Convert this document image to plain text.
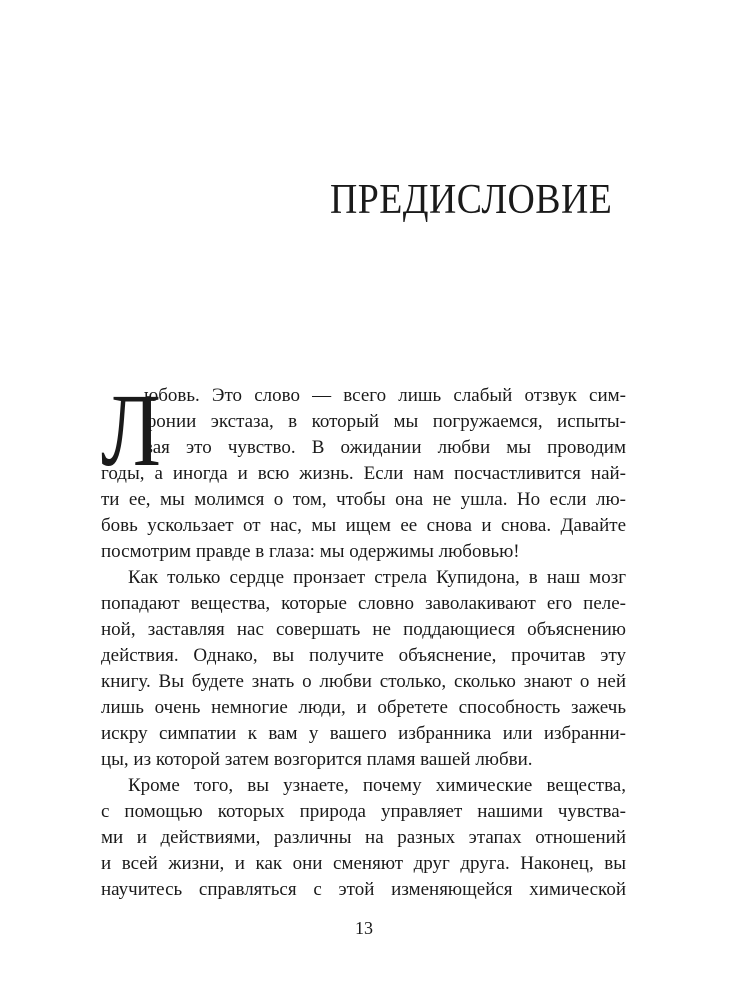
ПРЕДИСЛОВИЕ
Л
юбовь. Это слово — всего лишь слабый отзвук сим-
фонии экстаза, в который мы погружаемся, испыты-
вая это чувство. В ожидании любви мы проводим
годы, а иногда и всю жизнь. Если нам посчастливится най-
ти ее, мы молимся о том, чтобы она не ушла. Но если лю-
бовь ускользает от нас, мы ищем ее снова и снова. Давайте
посмотрим правде в глаза: мы одержимы любовью!
Как только сердце пронзает стрела Купидона, в наш мозг
попадают вещества, которые словно заволакивают его пеле-
ной, заставляя нас совершать не поддающиеся объяснению
действия. Однако, вы получите объяснение, прочитав эту
книгу. Вы будете знать о любви столько, сколько знают о ней
лишь очень немногие люди, и обретете способность зажечь
искру симпатии к вам у вашего избранника или избранни-
цы, из которой затем возгорится пламя вашей любви.
Кроме того, вы узнаете, почему химические вещества,
с помощью которых природа управляет нашими чувства-
ми и действиями, различны на разных этапах отношений
и всей жизни, и как они сменяют друг друга. Наконец, вы
научитесь справляться с этой изменяющейся химической
13
